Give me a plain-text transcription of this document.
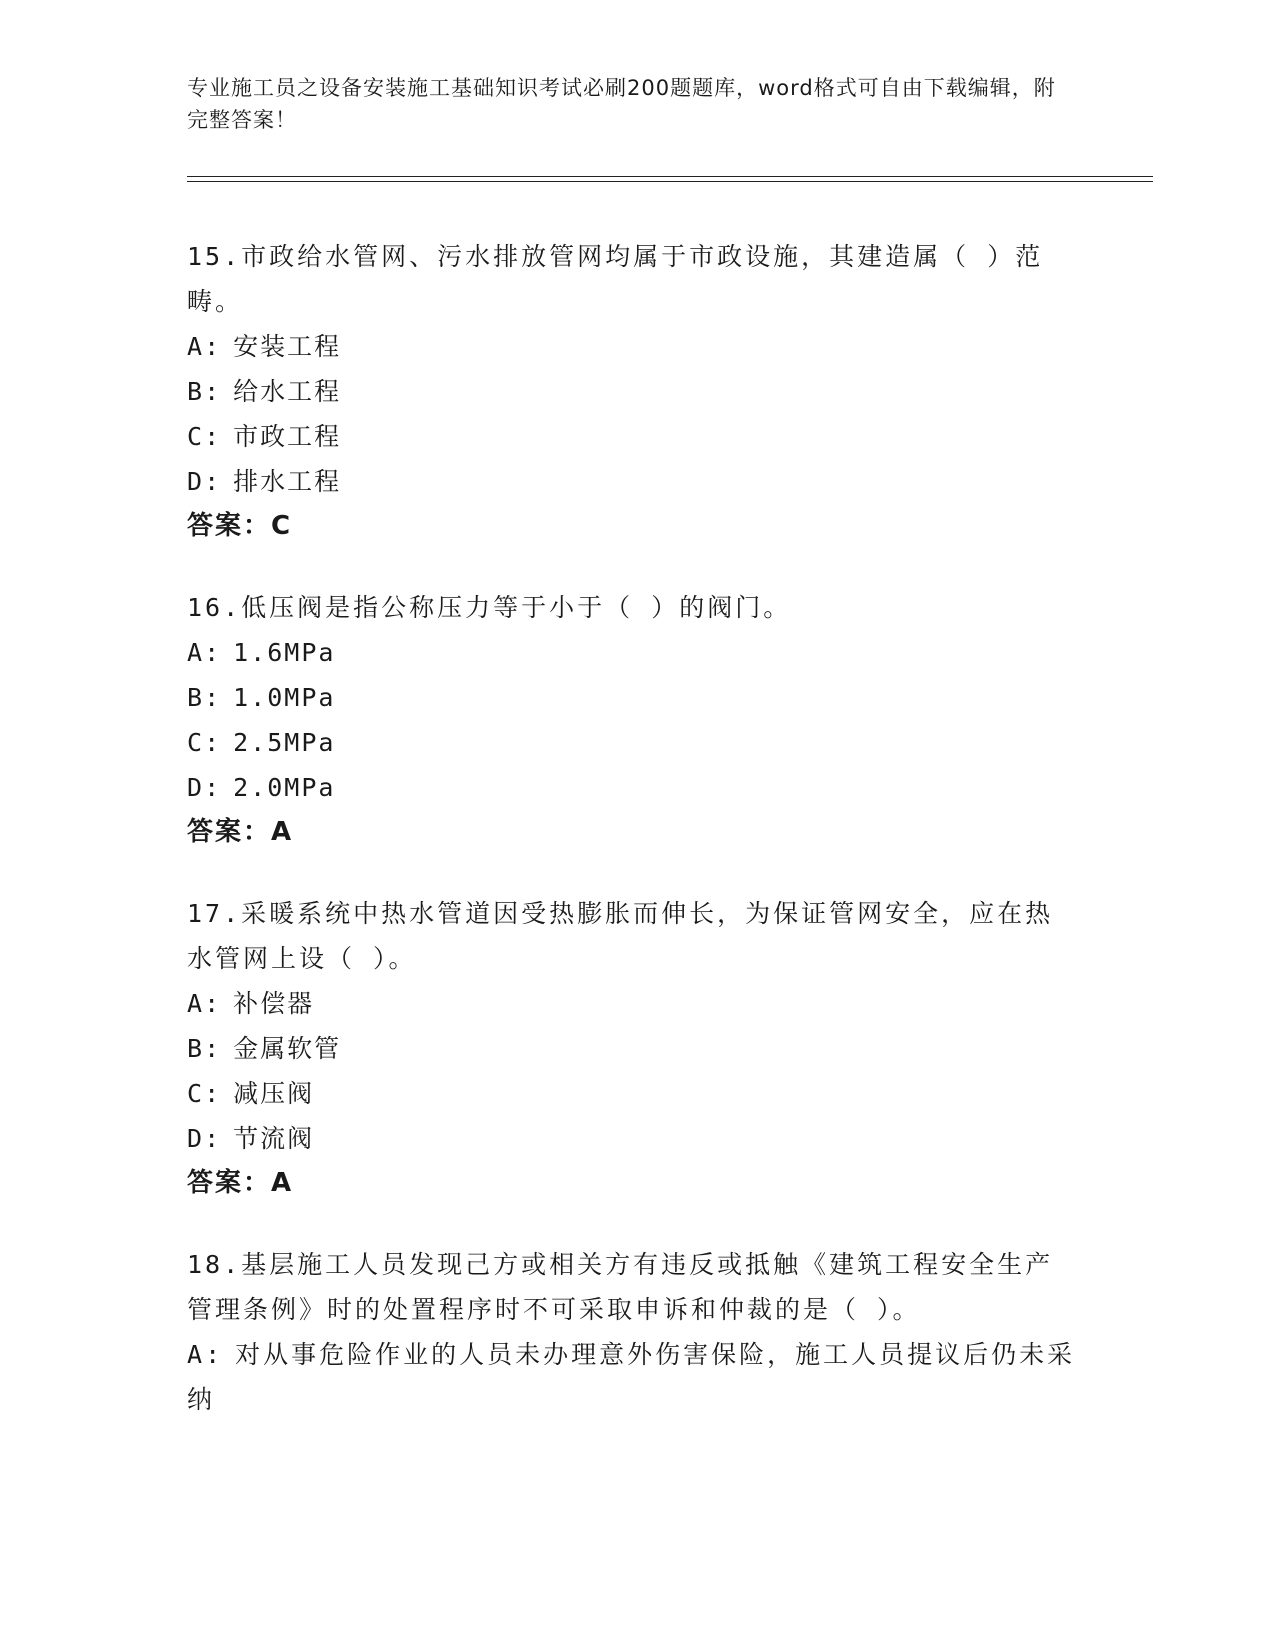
专业施工员之设备安装施工基础知识考试必刷200题题库，word格式可自由下载编辑，附完整答案！
15.市政给水管网、污水排放管网均属于市政设施，其建造属（ ）范畴。
A: 安装工程
B: 给水工程
C: 市政工程
D: 排水工程
答案：C
16.低压阀是指公称压力等于小于（ ）的阀门。
A: 1.6MPa
B: 1.0MPa
C: 2.5MPa
D: 2.0MPa
答案：A
17.采暖系统中热水管道因受热膨胀而伸长，为保证管网安全，应在热水管网上设（ ）。
A: 补偿器
B: 金属软管
C: 减压阀
D: 节流阀
答案：A
18.基层施工人员发现己方或相关方有违反或抵触《建筑工程安全生产管理条例》时的处置程序时不可采取申诉和仲裁的是（ ）。
A: 对从事危险作业的人员未办理意外伤害保险，施工人员提议后仍未采纳
